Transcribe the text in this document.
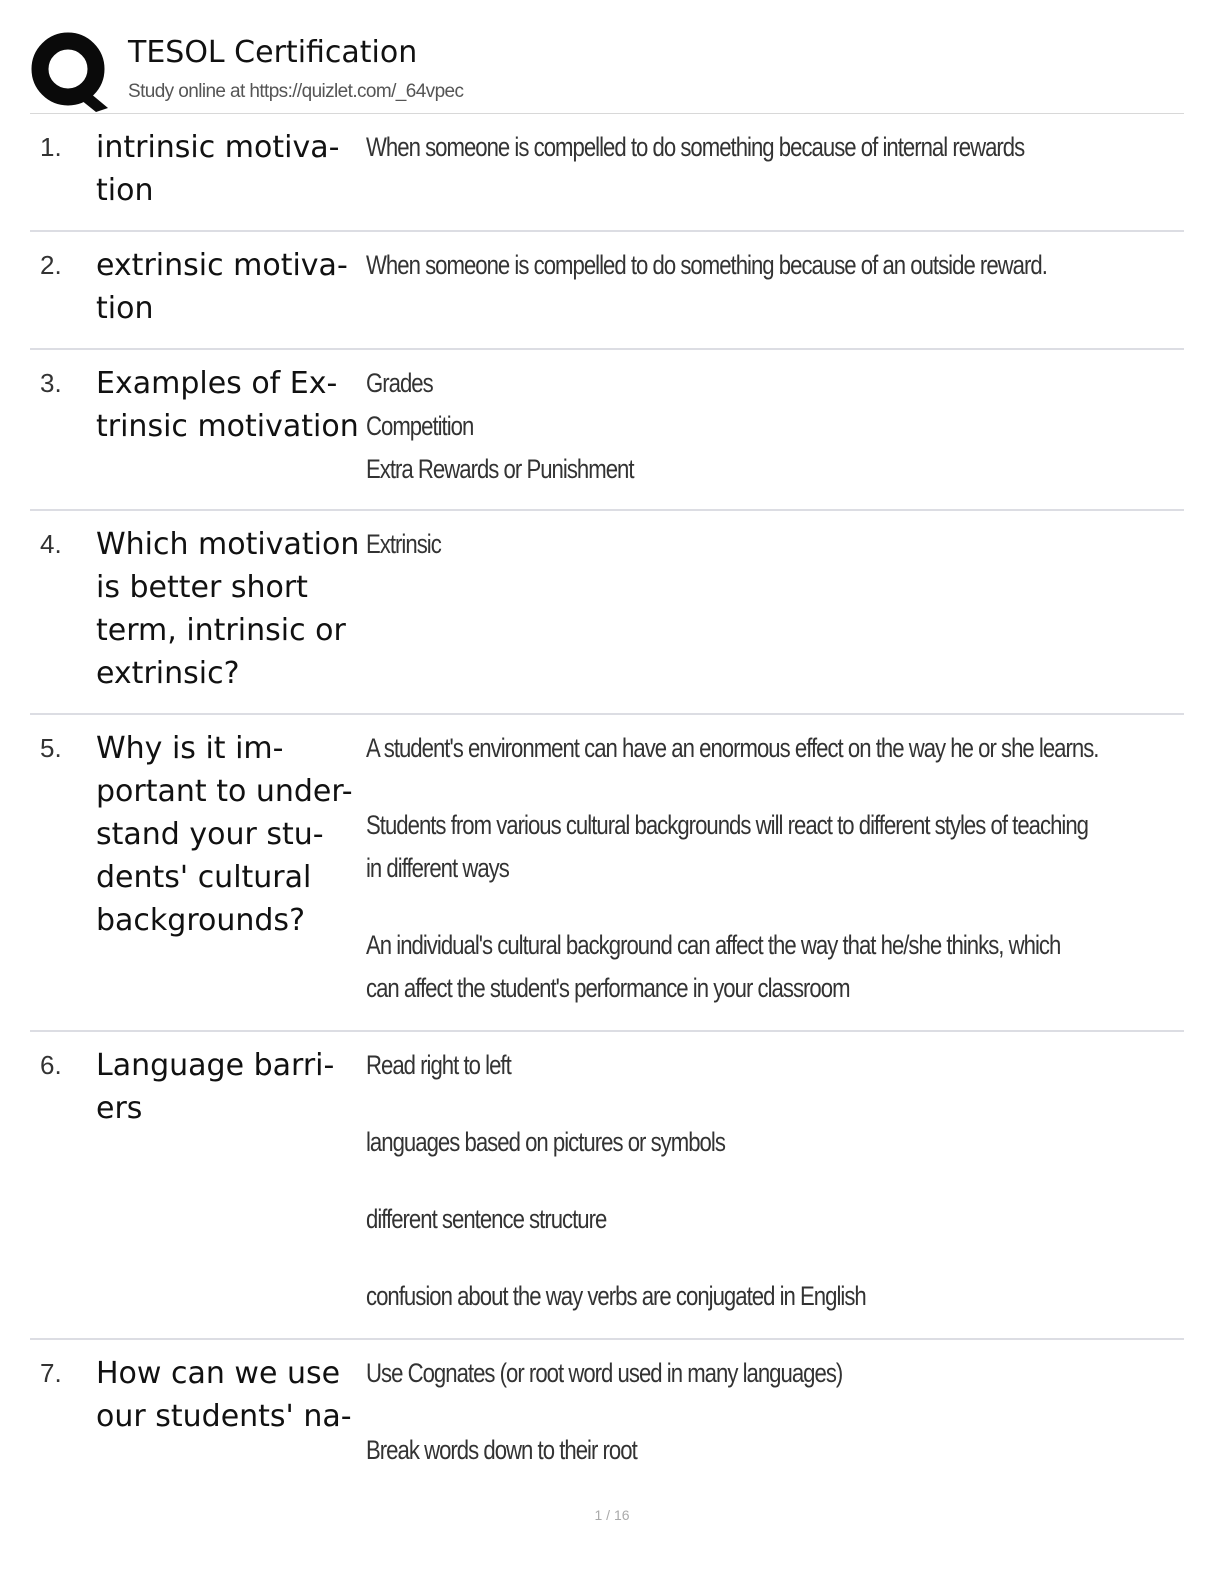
TESOL Certification
Study online at https://quizlet.com/_64vpec
1. intrinsic motiva-
tion
When someone is compelled to do something because of internal rewards
2. extrinsic motiva-
tion
When someone is compelled to do something because of an outside reward.
3. Examples of Ex-
trinsic motivation
Grades
Competition
Extra Rewards or Punishment
4. Which motivation
is better short
term, intrinsic or
extrinsic?
Extrinsic
5. Why is it im-
portant to under-
stand your stu-
dents' cultural
backgrounds?
A student's environment can have an enormous effect on the way he or she learns.
Students from various cultural backgrounds will react to different styles of teaching
in different ways
An individual's cultural background can affect the way that he/she thinks, which
can affect the student's performance in your classroom
6. Language barri-
ers
Read right to left
languages based on pictures or symbols
different sentence structure
confusion about the way verbs are conjugated in English
7. How can we use
our students' na-
Use Cognates (or root word used in many languages)
Break words down to their root
1 / 16
